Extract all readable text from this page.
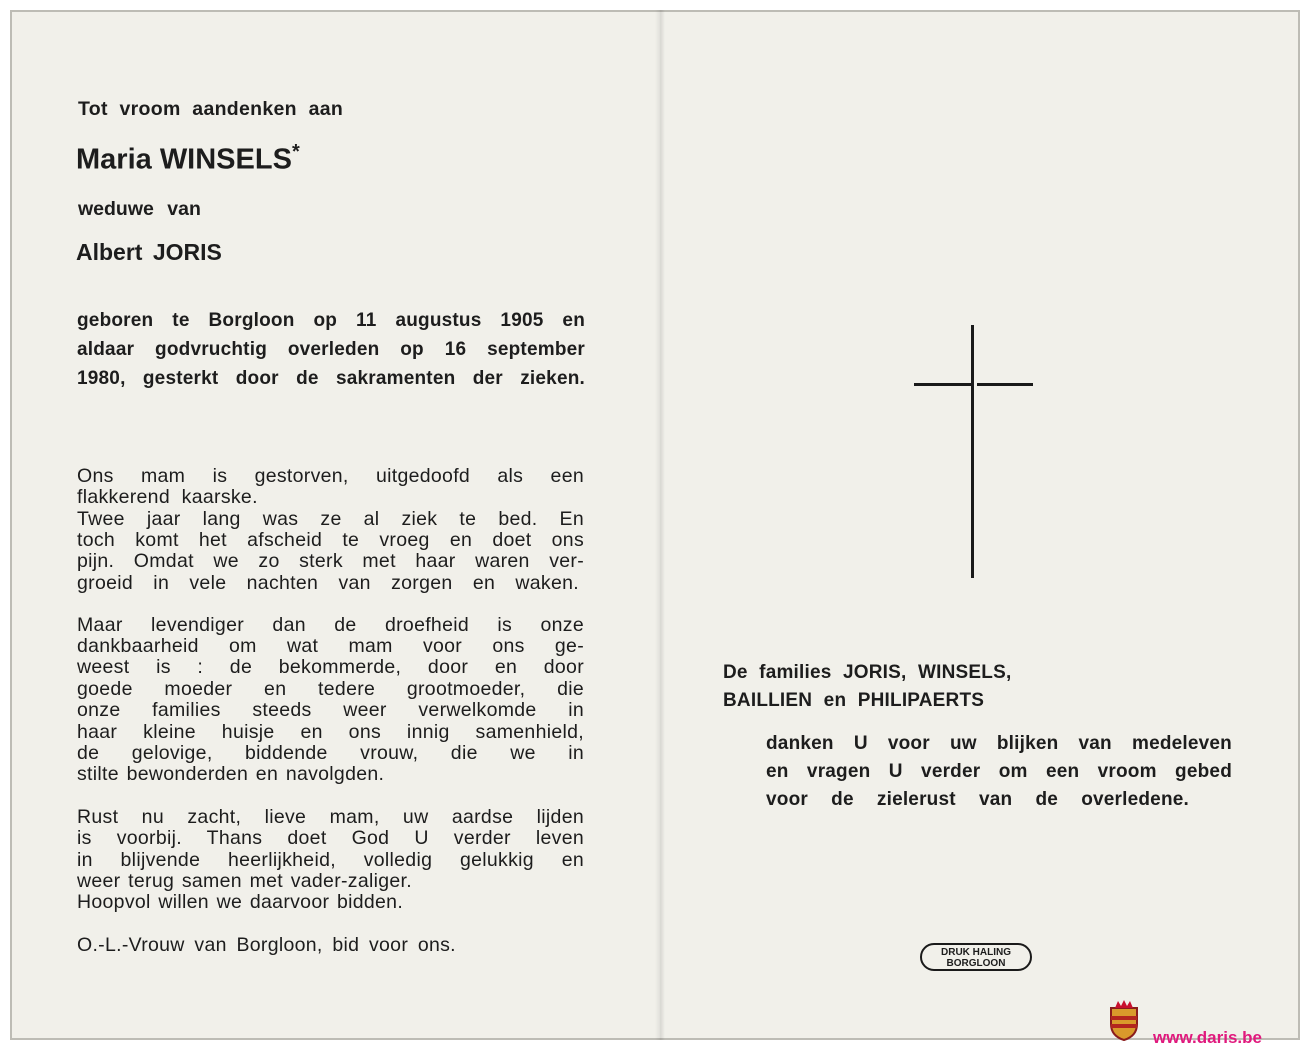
Tot vroom aandenken aan

Maria WINSELS*

weduwe van

Albert JORIS

geboren te Borgloon op 11 augustus 1905 en

aldaar godvruchtig overleden op 16 september

1980, gesterkt door de sakramenten der zieken.

Ons mam is gestorven, uitgedoofd als een

flakkerend kaarske.

Twee jaar lang was ze al ziek te bed. En

toch komt het afscheid te vroeg en doet ons

pijn. Omdat we zo sterk met haar waren ver-

groeid in vele nachten van zorgen en waken.

Maar levendiger dan de droefheid is onze

dankbaarheid om wat mam voor ons ge-

weest is : de bekommerde, door en door

goede moeder en tedere grootmoeder, die

onze families steeds weer verwelkomde in

haar kleine huisje en ons innig samenhield,

de gelovige, biddende vrouw, die we in

stilte bewonderden en navolgden.

Rust nu zacht, lieve mam, uw aardse lijden

is voorbij. Thans doet God U verder leven

in blijvende heerlijkheid, volledig gelukkig en

weer terug samen met vader-zaliger.

Hoopvol willen we daarvoor bidden.

O.-L.-Vrouw van Borgloon, bid voor ons.

De families JORIS, WINSELS,

BAILLIEN en PHILIPAERTS

danken U voor uw blijken van medeleven

en vragen U verder om een vroom gebed

voor de zielerust van de overledene.

DRUK HALING
BORGLOON

www.daris.be
